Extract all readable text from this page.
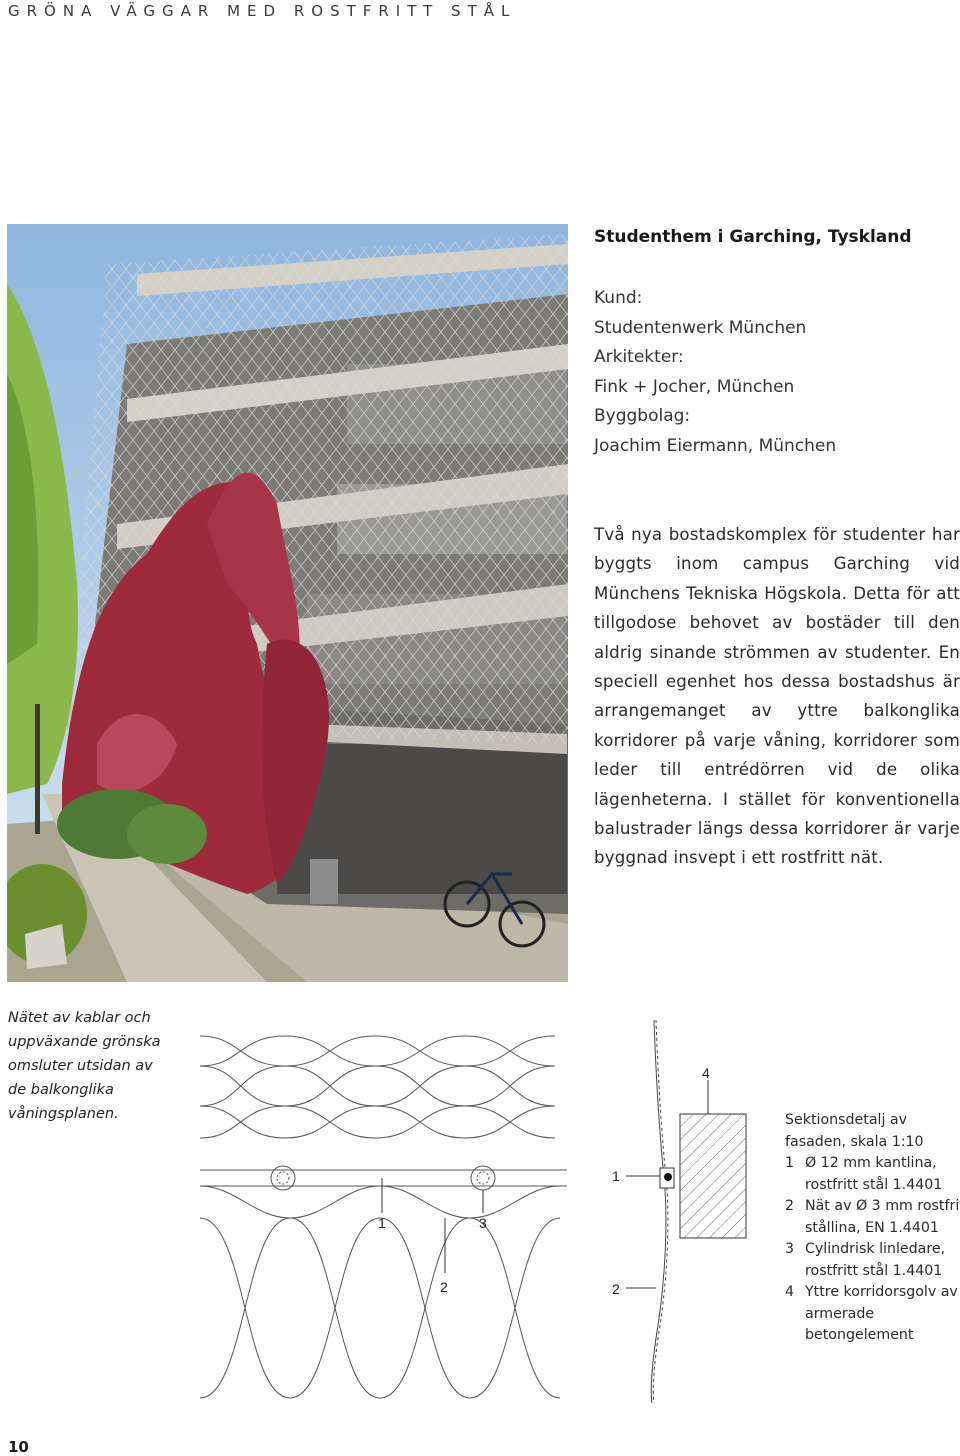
GRÖNA VÄGGAR MED ROSTFRITT STÅL
Studenthem i Garching, Tyskland
Kund:
Studentenwerk München
Arkitekter:
Fink + Jocher, München
Byggbolag:
Joachim Eiermann, München
Två nya bostadskomplex för studenter har byggts inom campus Garching vid Münchens Tekniska Högskola. Detta för att tillgodose behovet av bostäder till den aldrig sinande strömmen av studenter. En speciell egenhet hos dessa bostadshus är arrangemanget av yttre balkonglika korridorer på varje våning, korridorer som leder till entrédörren vid de olika lägenheterna. I stället för konventionella balustrader längs dessa korridorer är varje byggnad insvept i ett rostfritt nät.
Nätet av kablar och uppväxande grönska omsluter utsidan av de balkonglika våningsplanen.
1	3
2
4
1
2
Sektionsdetalj av fasaden, skala 1:10
1 Ø 12 mm kantlina, rostfritt stål 1.4401
2 Nät av Ø 3 mm rostfri stållina, EN 1.4401
3 Cylindrisk linledare, rostfritt stål 1.4401
4 Yttre korridorsgolv av armerade betongelement
10
